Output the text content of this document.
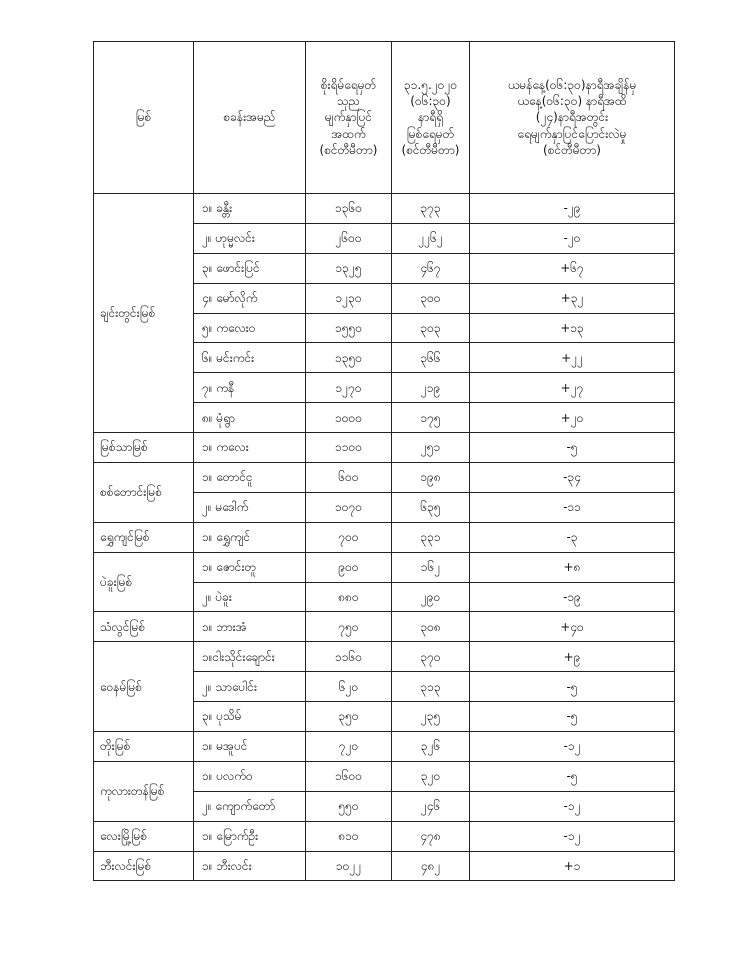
မြစ်	စခန်းအမည်	စိုးရိမ်ရေမှတ်
သုည
မျက်နှာပြင်
အထက်
(စင်တီမီတာ)	၃၁.၅.၂၀၂၀
(၀၆:၃၀)
နာရီရှိ
မြစ်ရေမှတ်
(စင်တီမီတာ)	ယမန်နေ့(၀၆:၃၀)နာရီအချိန်မှ
ယနေ့(၀၆:၃၀) နာရီအထိ
(၂၄)နာရီအတွင်း
ရေမျက်နှာပြင်ပြောင်းလဲမှု
(စင်တီမီတာ)

ချင်းတွင်းမြစ်	၁။ ခန္တီး	၁၃၆၀	၃၇၃	-၂၉
	၂။ ဟုမ္မလင်း	၂၆၀၀	၂၂၆၂	-၂၀
	၃။ ဖောင်းပြင်	၁၃၂၅	၄၆၇	+၆၇
	၄။ မော်လိုက်	၁၂၃၀	၃၀၀	+၃၂
	၅။ ကလေးဝ	၁၅၅၀	၃၀၃	+၁၃
	၆။ မင်းကင်း	၁၃၅၀	၃၆၆	+၂၂
	၇။ ကနီ	၁၂၇၀	၂၁၉	+၂၇
	၈။ မုံရွာ	၁၀၀၀	၁၇၅	+၂၀
မြစ်သာမြစ်	၁။ ကလေး	၁၁၀၀	၂၅၁	-၅
စစ်တောင်းမြစ်	၁။ တောင်ငူ	၆၀၀	၁၉၈	-၃၄
	၂။ မဒေါက်	၁၀၇၀	၆၃၅	-၁၁
ရွှေကျင်မြစ်	၁။ ရွှေကျင်	၇၀၀	၃၃၁	-၃
ပဲခူးမြစ်	၁။ ဇောင်းတူ	၉၀၀	၁၆၂	+၈
	၂။ ပဲခူး	၈၈၀	၂၉၀	-၁၉
သံလွင်မြစ်	၁။ ဘားအံ	၇၅၀	၃၀၈	+၄၀
ဝေနမ်မြစ်	၁။ငါးသိုင်းချောင်း	၁၁၆၀	၃၇၀	+၉
	၂။ သာပေါင်း	၆၂၀	၃၁၃	-၅
	၃။ ပုသိမ်	၃၅၀	၂၃၅	-၅
တိုးမြစ်	၁။ မအူပင်	၇၂၀	၃၂၆	-၁၂
ကုလားတန်မြစ်	၁။ ပလက်ဝ	၁၆၀၀	၃၂၀	-၅
	၂။ ကျောက်တော်	၅၅၀	၂၄၆	-၁၂
လေးမြို့မြစ်	၁။ မြောက်ဦး	၈၁၀	၄၇၈	-၁၂
ဘီးလင်းမြစ်	၁။ ဘီးလင်း	၁၀၂၂	၄၈၂	+၁
